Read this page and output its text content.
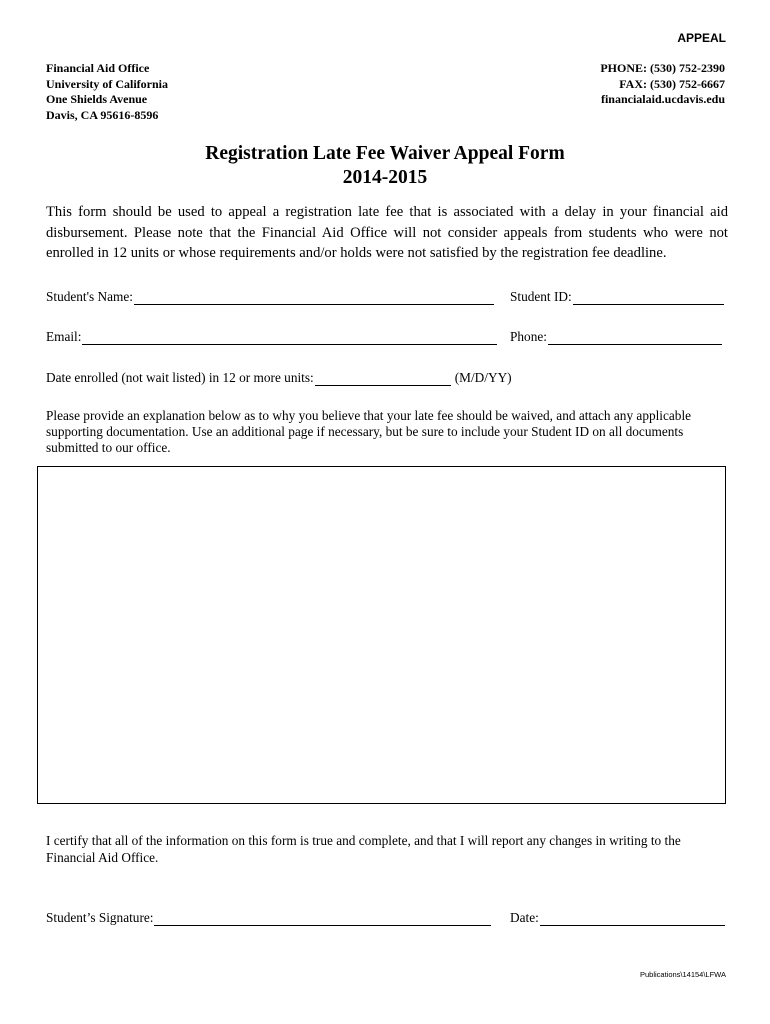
APPEAL
Financial Aid Office
University of California
One Shields Avenue
Davis, CA 95616-8596
PHONE: (530) 752-2390
FAX: (530) 752-6667
financialaid.ucdavis.edu
Registration Late Fee Waiver Appeal Form
2014-2015
This form should be used to appeal a registration late fee that is associated with a delay in your financial aid disbursement. Please note that the Financial Aid Office will not consider appeals from students who were not enrolled in 12 units or whose requirements and/or holds were not satisfied by the registration fee deadline.
Student's Name:	Student ID:
Email:	Phone:
Date enrolled (not wait listed) in 12 or more units:	(M/D/YY)
Please provide an explanation below as to why you believe that your late fee should be waived, and attach any applicable supporting documentation. Use an additional page if necessary, but be sure to include your Student ID on all documents submitted to our office.
I certify that all of the information on this form is true and complete, and that I will report any changes in writing to the Financial Aid Office.
Student’s Signature:	Date:
Publications\14154\LFWA
